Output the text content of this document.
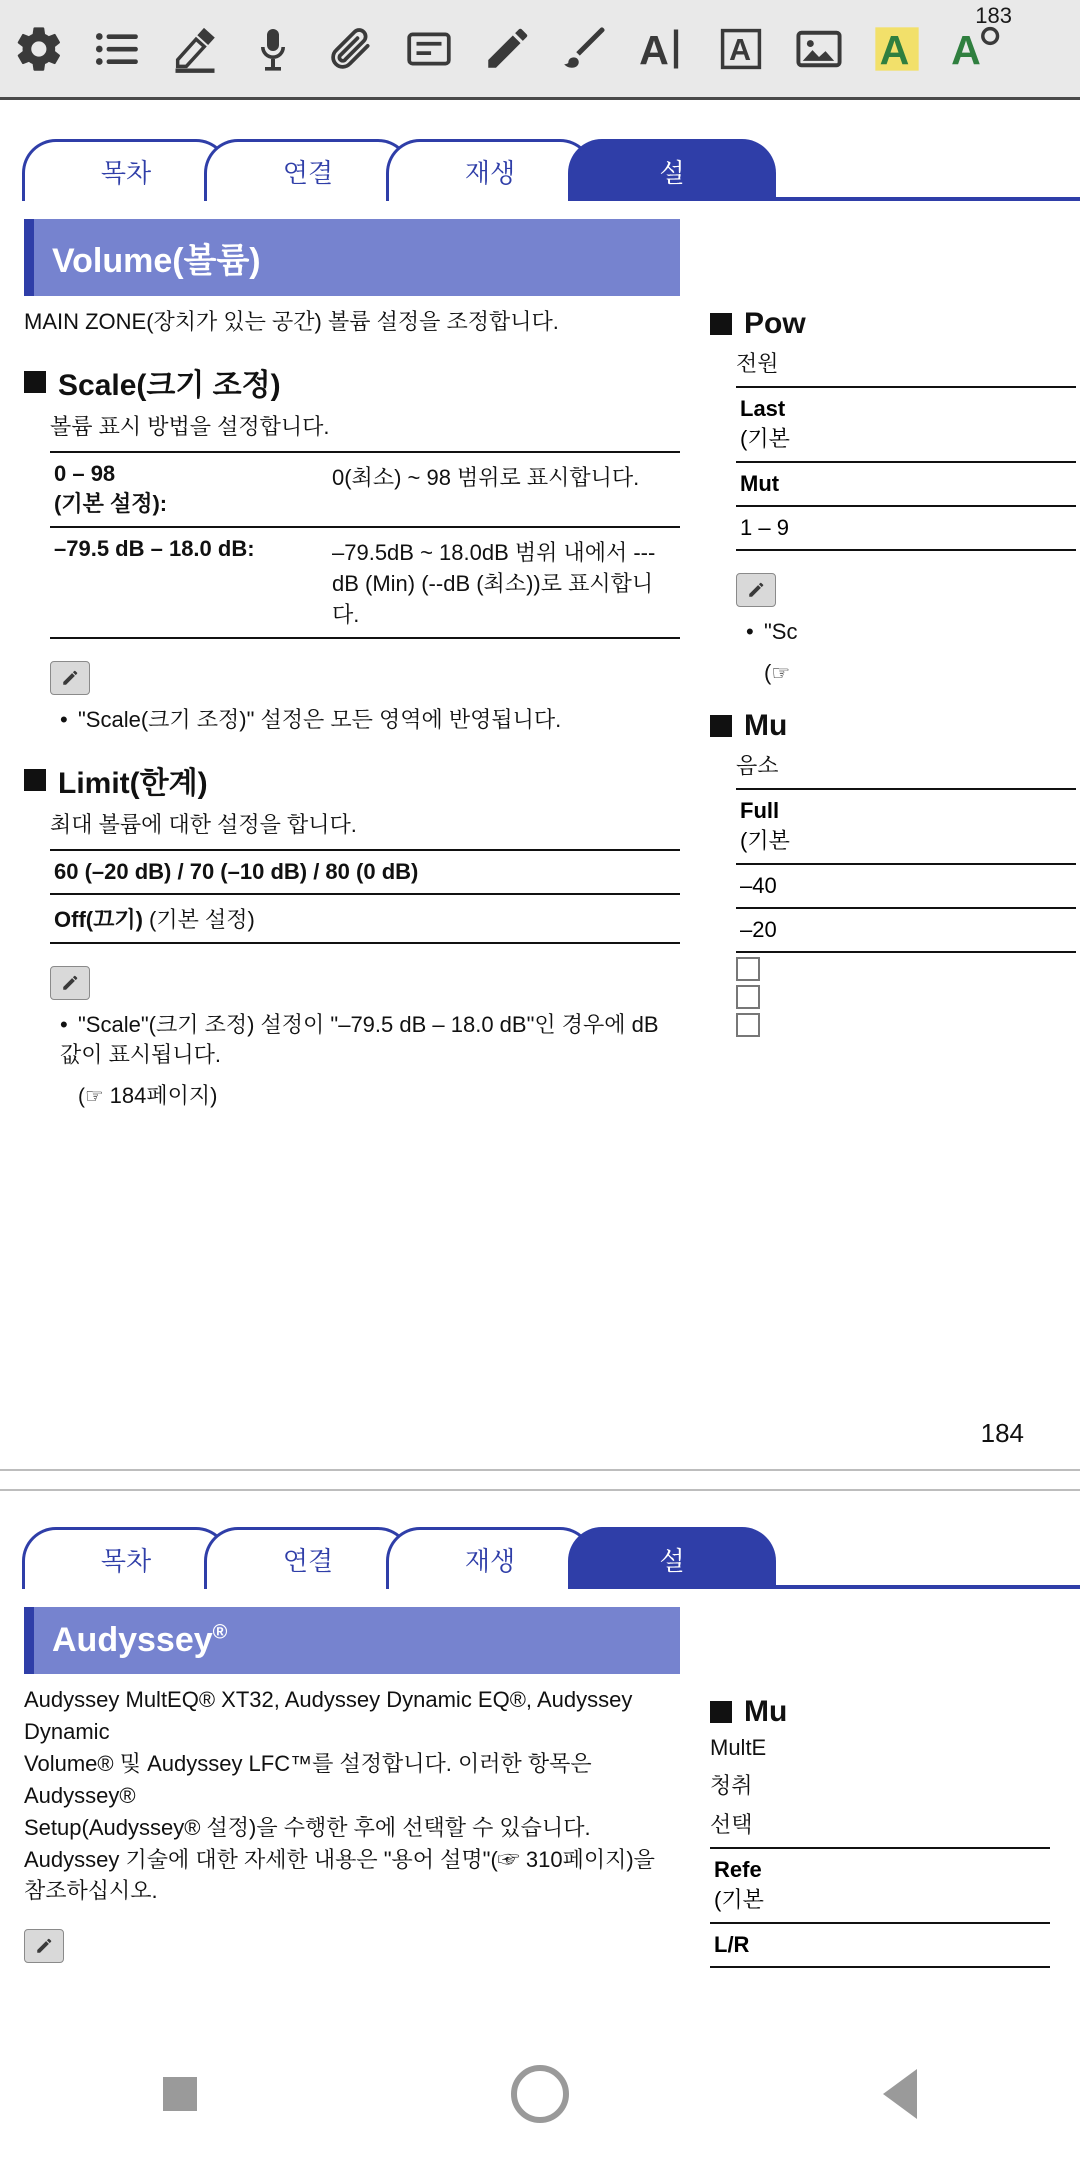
A	A	A
183
A
목차	연결	재생	설
Volume(볼륨)
MAIN ZONE(장치가 있는 공간) 볼륨 설정을 조정합니다.
Scale(크기 조정)
볼륨 표시 방법을 설정합니다.
0 – 98
(기본 설정):	0(최소) ~ 98 범위로 표시합니다.
–79.5 dB – 18.0 dB:	–79.5dB ~ 18.0dB 범위 내에서 ---dB (Min) (--dB (최소))로 표시합니다.
• "Scale(크기 조정)" 설정은 모든 영역에 반영됩니다.
Limit(한계)
최대 볼륨에 대한 설정을 합니다.
60 (–20 dB) / 70 (–10 dB) / 80 (0 dB)
Off(끄기) (기본 설정)
• "Scale"(크기 조정) 설정이 "–79.5 dB – 18.0 dB"인 경우에 dB 값이 표시됩니다.
(☞ 184페이지)
Pow
전원
Last
(기본
Mut
1 – 9
• "Sc
(☞
Mu
음소
Full
(기본
–40
–20
184
목차	연결	재생	설
Audyssey®
Audyssey MultEQ® XT32, Audyssey Dynamic EQ®, Audyssey Dynamic
Volume® 및 Audyssey LFC™를 설정합니다. 이러한 항목은 Audyssey®
Setup(Audyssey® 설정)을 수행한 후에 선택할 수 있습니다.
Audyssey 기술에 대한 자세한 내용은 "용어 설명"(☞ 310페이지)을
참조하십시오.
Mu
MultE
청취
선택
Refe
(기본
L/R
